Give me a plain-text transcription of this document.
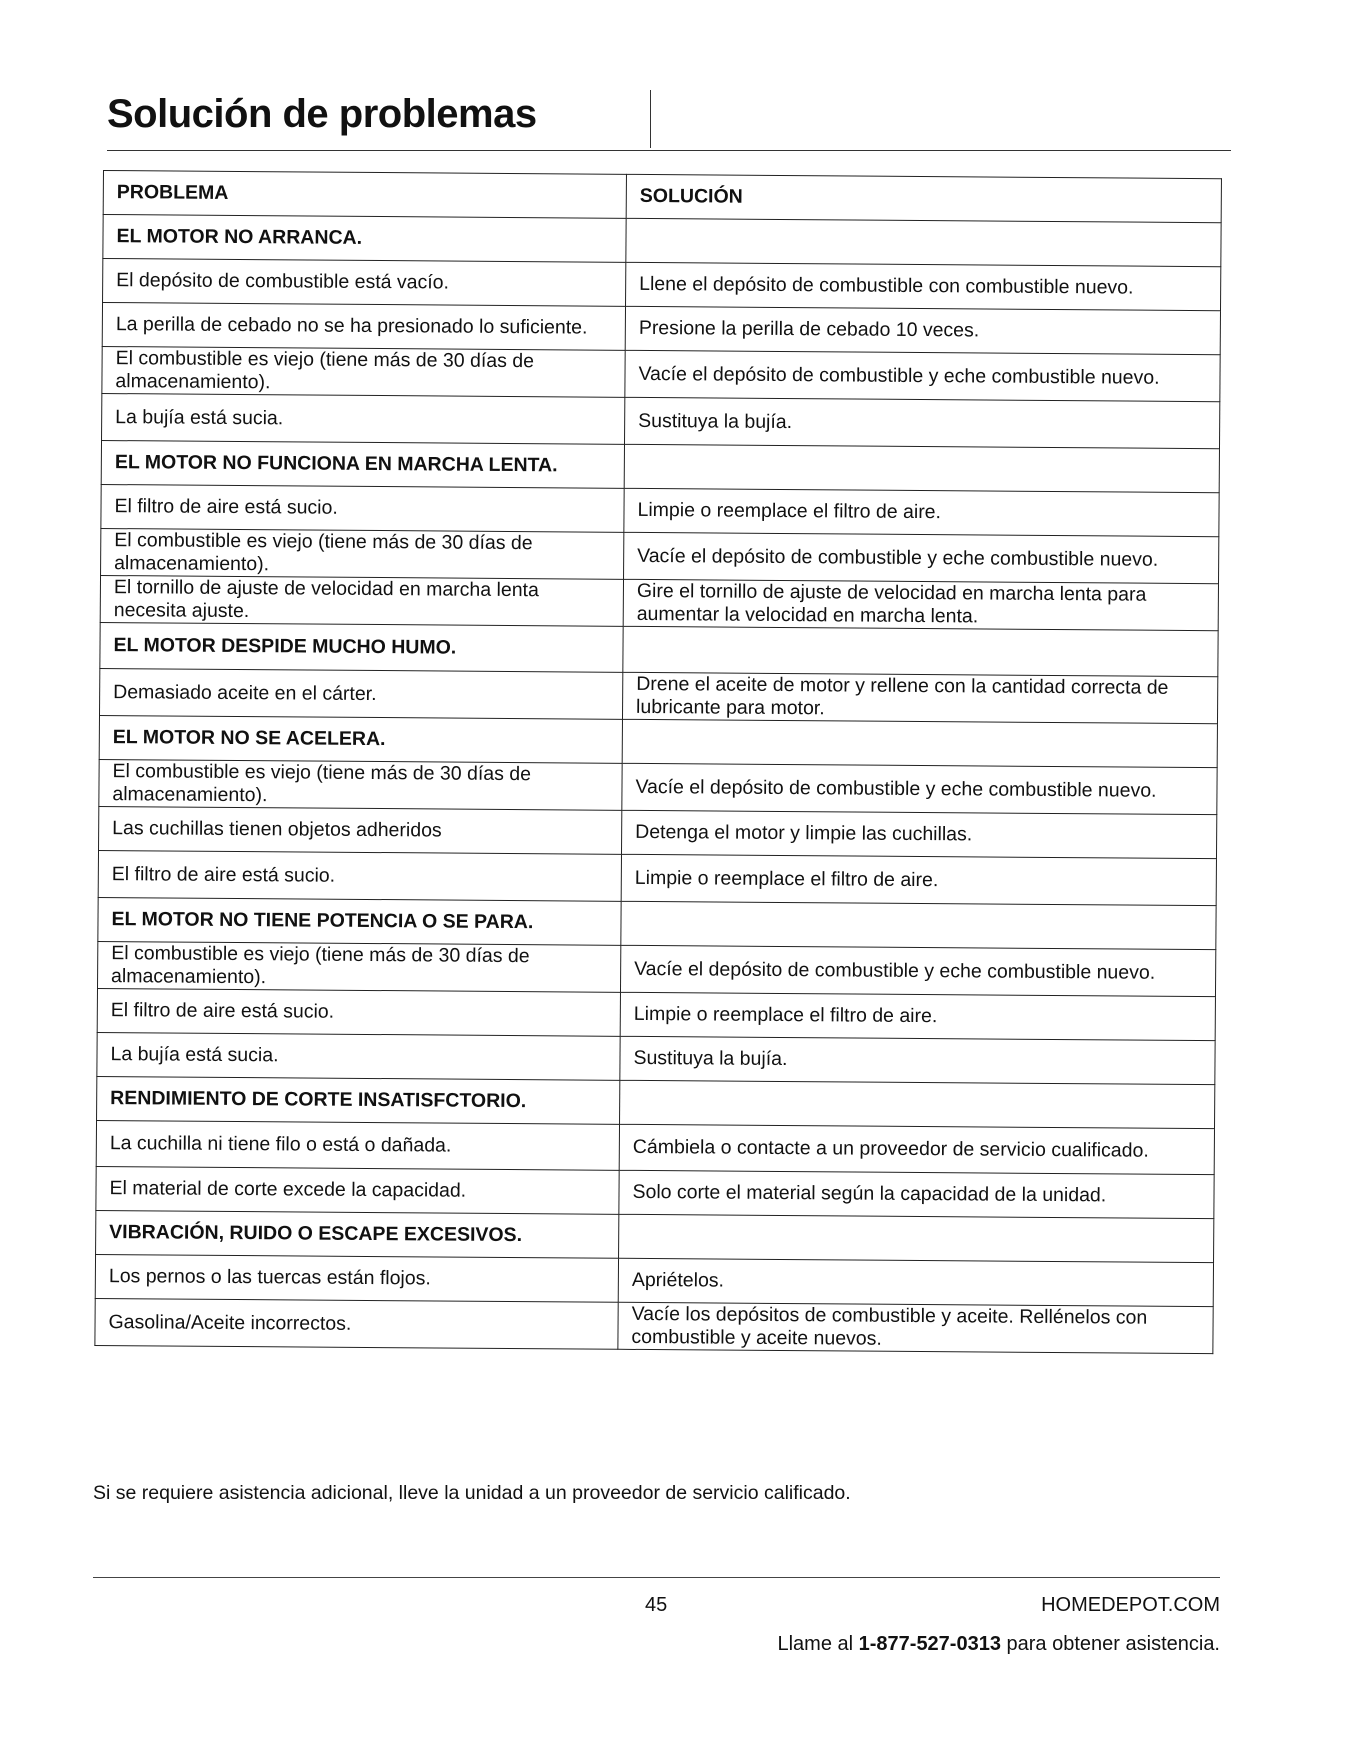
Solución de problemas
PROBLEMA	SOLUCIÓN
EL MOTOR NO ARRANCA.	
El depósito de combustible está vacío.	Llene el depósito de combustible con combustible nuevo.
La perilla de cebado no se ha presionado lo suficiente.	Presione la perilla de cebado 10 veces.
El combustible es viejo (tiene más de 30 días de almacenamiento).	Vacíe el depósito de combustible y eche combustible nuevo.
La bujía está sucia.	Sustituya la bujía.
EL MOTOR NO FUNCIONA EN MARCHA LENTA.	
El filtro de aire está sucio.	Limpie o reemplace el filtro de aire.
El combustible es viejo (tiene más de 30 días de almacenamiento).	Vacíe el depósito de combustible y eche combustible nuevo.
El tornillo de ajuste de velocidad en marcha lenta necesita ajuste.	Gire el tornillo de ajuste de velocidad en marcha lenta para aumentar la velocidad en marcha lenta.
EL MOTOR DESPIDE MUCHO HUMO.	
Demasiado aceite en el cárter.	Drene el aceite de motor y rellene con la cantidad correcta de lubricante para motor.
EL MOTOR NO SE ACELERA.	
El combustible es viejo (tiene más de 30 días de almacenamiento).	Vacíe el depósito de combustible y eche combustible nuevo.
Las cuchillas tienen objetos adheridos	Detenga el motor y limpie las cuchillas.
El filtro de aire está sucio.	Limpie o reemplace el filtro de aire.
EL MOTOR NO TIENE POTENCIA O SE PARA.	
El combustible es viejo (tiene más de 30 días de almacenamiento).	Vacíe el depósito de combustible y eche combustible nuevo.
El filtro de aire está sucio.	Limpie o reemplace el filtro de aire.
La bujía está sucia.	Sustituya la bujía.
RENDIMIENTO DE CORTE INSATISFCTORIO.	
La cuchilla ni tiene filo o está o dañada.	Cámbiela o contacte a un proveedor de servicio cualificado.
El material de corte excede la capacidad.	Solo corte el material según la capacidad de la unidad.
VIBRACIÓN, RUIDO O ESCAPE EXCESIVOS.	
Los pernos o las tuercas están flojos.	Apriételos.
Gasolina/Aceite incorrectos.	Vacíe los depósitos de combustible y aceite. Rellénelos con combustible y aceite nuevos.
Si se requiere asistencia adicional, lleve la unidad a un proveedor de servicio calificado.
45	HOMEDEPOT.COM
Llame al 1-877-527-0313 para obtener asistencia.
